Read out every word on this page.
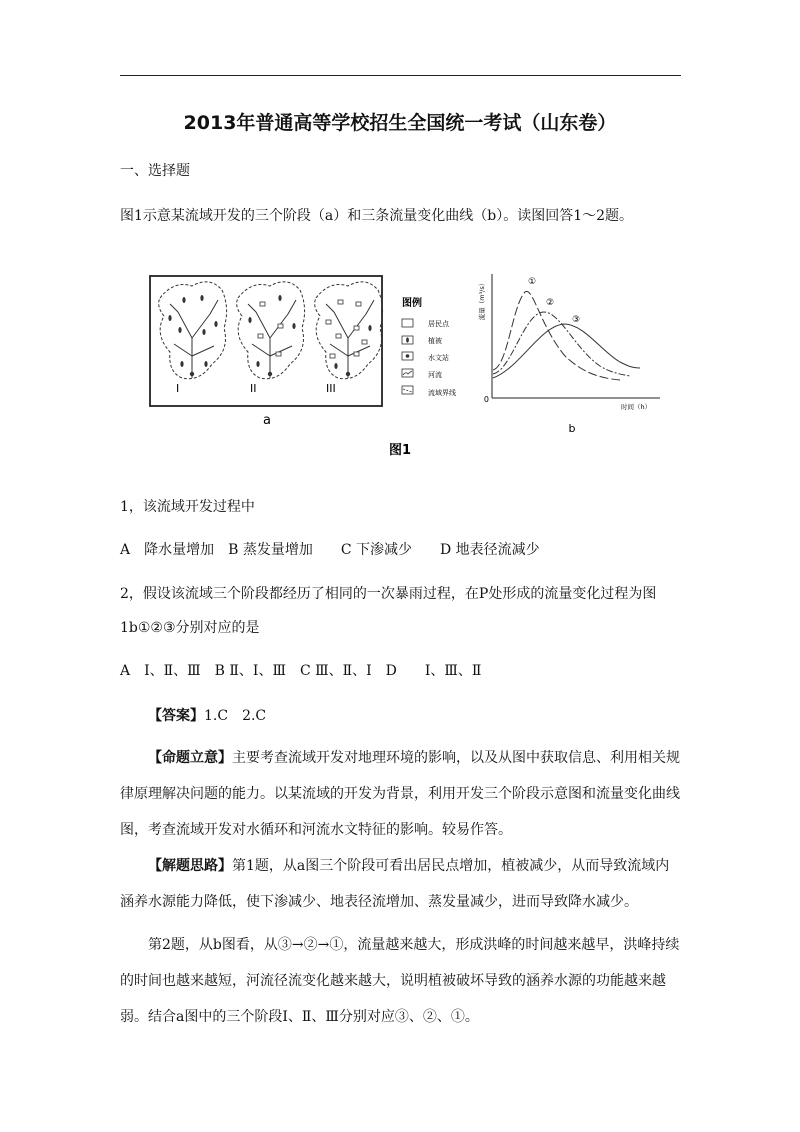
2013年普通高等学校招生全国统一考试（山东卷）
一、选择题
图1示意某流域开发的三个阶段（a）和三条流量变化曲线（b）。读图回答1～2题。
I	II	III
图例
居民点
植被
水文站
河流
流域界线
a
0
流量（m³/s）
时间（h）
①
②
③
b
图1
1，该流域开发过程中
A　降水量增加　B 蒸发量增加　　C 下渗减少　　D 地表径流减少
2，假设该流域三个阶段都经历了相同的一次暴雨过程，在P处形成的流量变化过程为图
1b①②③分别对应的是
A　Ⅰ、Ⅱ、Ⅲ　B Ⅱ、Ⅰ、Ⅲ　C Ⅲ、Ⅱ、Ⅰ　D　　Ⅰ、Ⅲ、Ⅱ
【答案】1.C　2.C
【命题立意】主要考查流域开发对地理环境的影响，以及从图中获取信息、利用相关规律原理解决问题的能力。以某流域的开发为背景，利用开发三个阶段示意图和流量变化曲线图，考查流域开发对水循环和河流水文特征的影响。较易作答。
【解题思路】第1题，从a图三个阶段可看出居民点增加，植被减少，从而导致流域内涵养水源能力降低，使下渗减少、地表径流增加、蒸发量减少，进而导致降水减少。
第2题，从b图看，从③→②→①，流量越来越大，形成洪峰的时间越来越早，洪峰持续的时间也越来越短，河流径流变化越来越大，说明植被破坏导致的涵养水源的功能越来越弱。结合a图中的三个阶段Ⅰ、Ⅱ、Ⅲ分别对应③、②、①。
